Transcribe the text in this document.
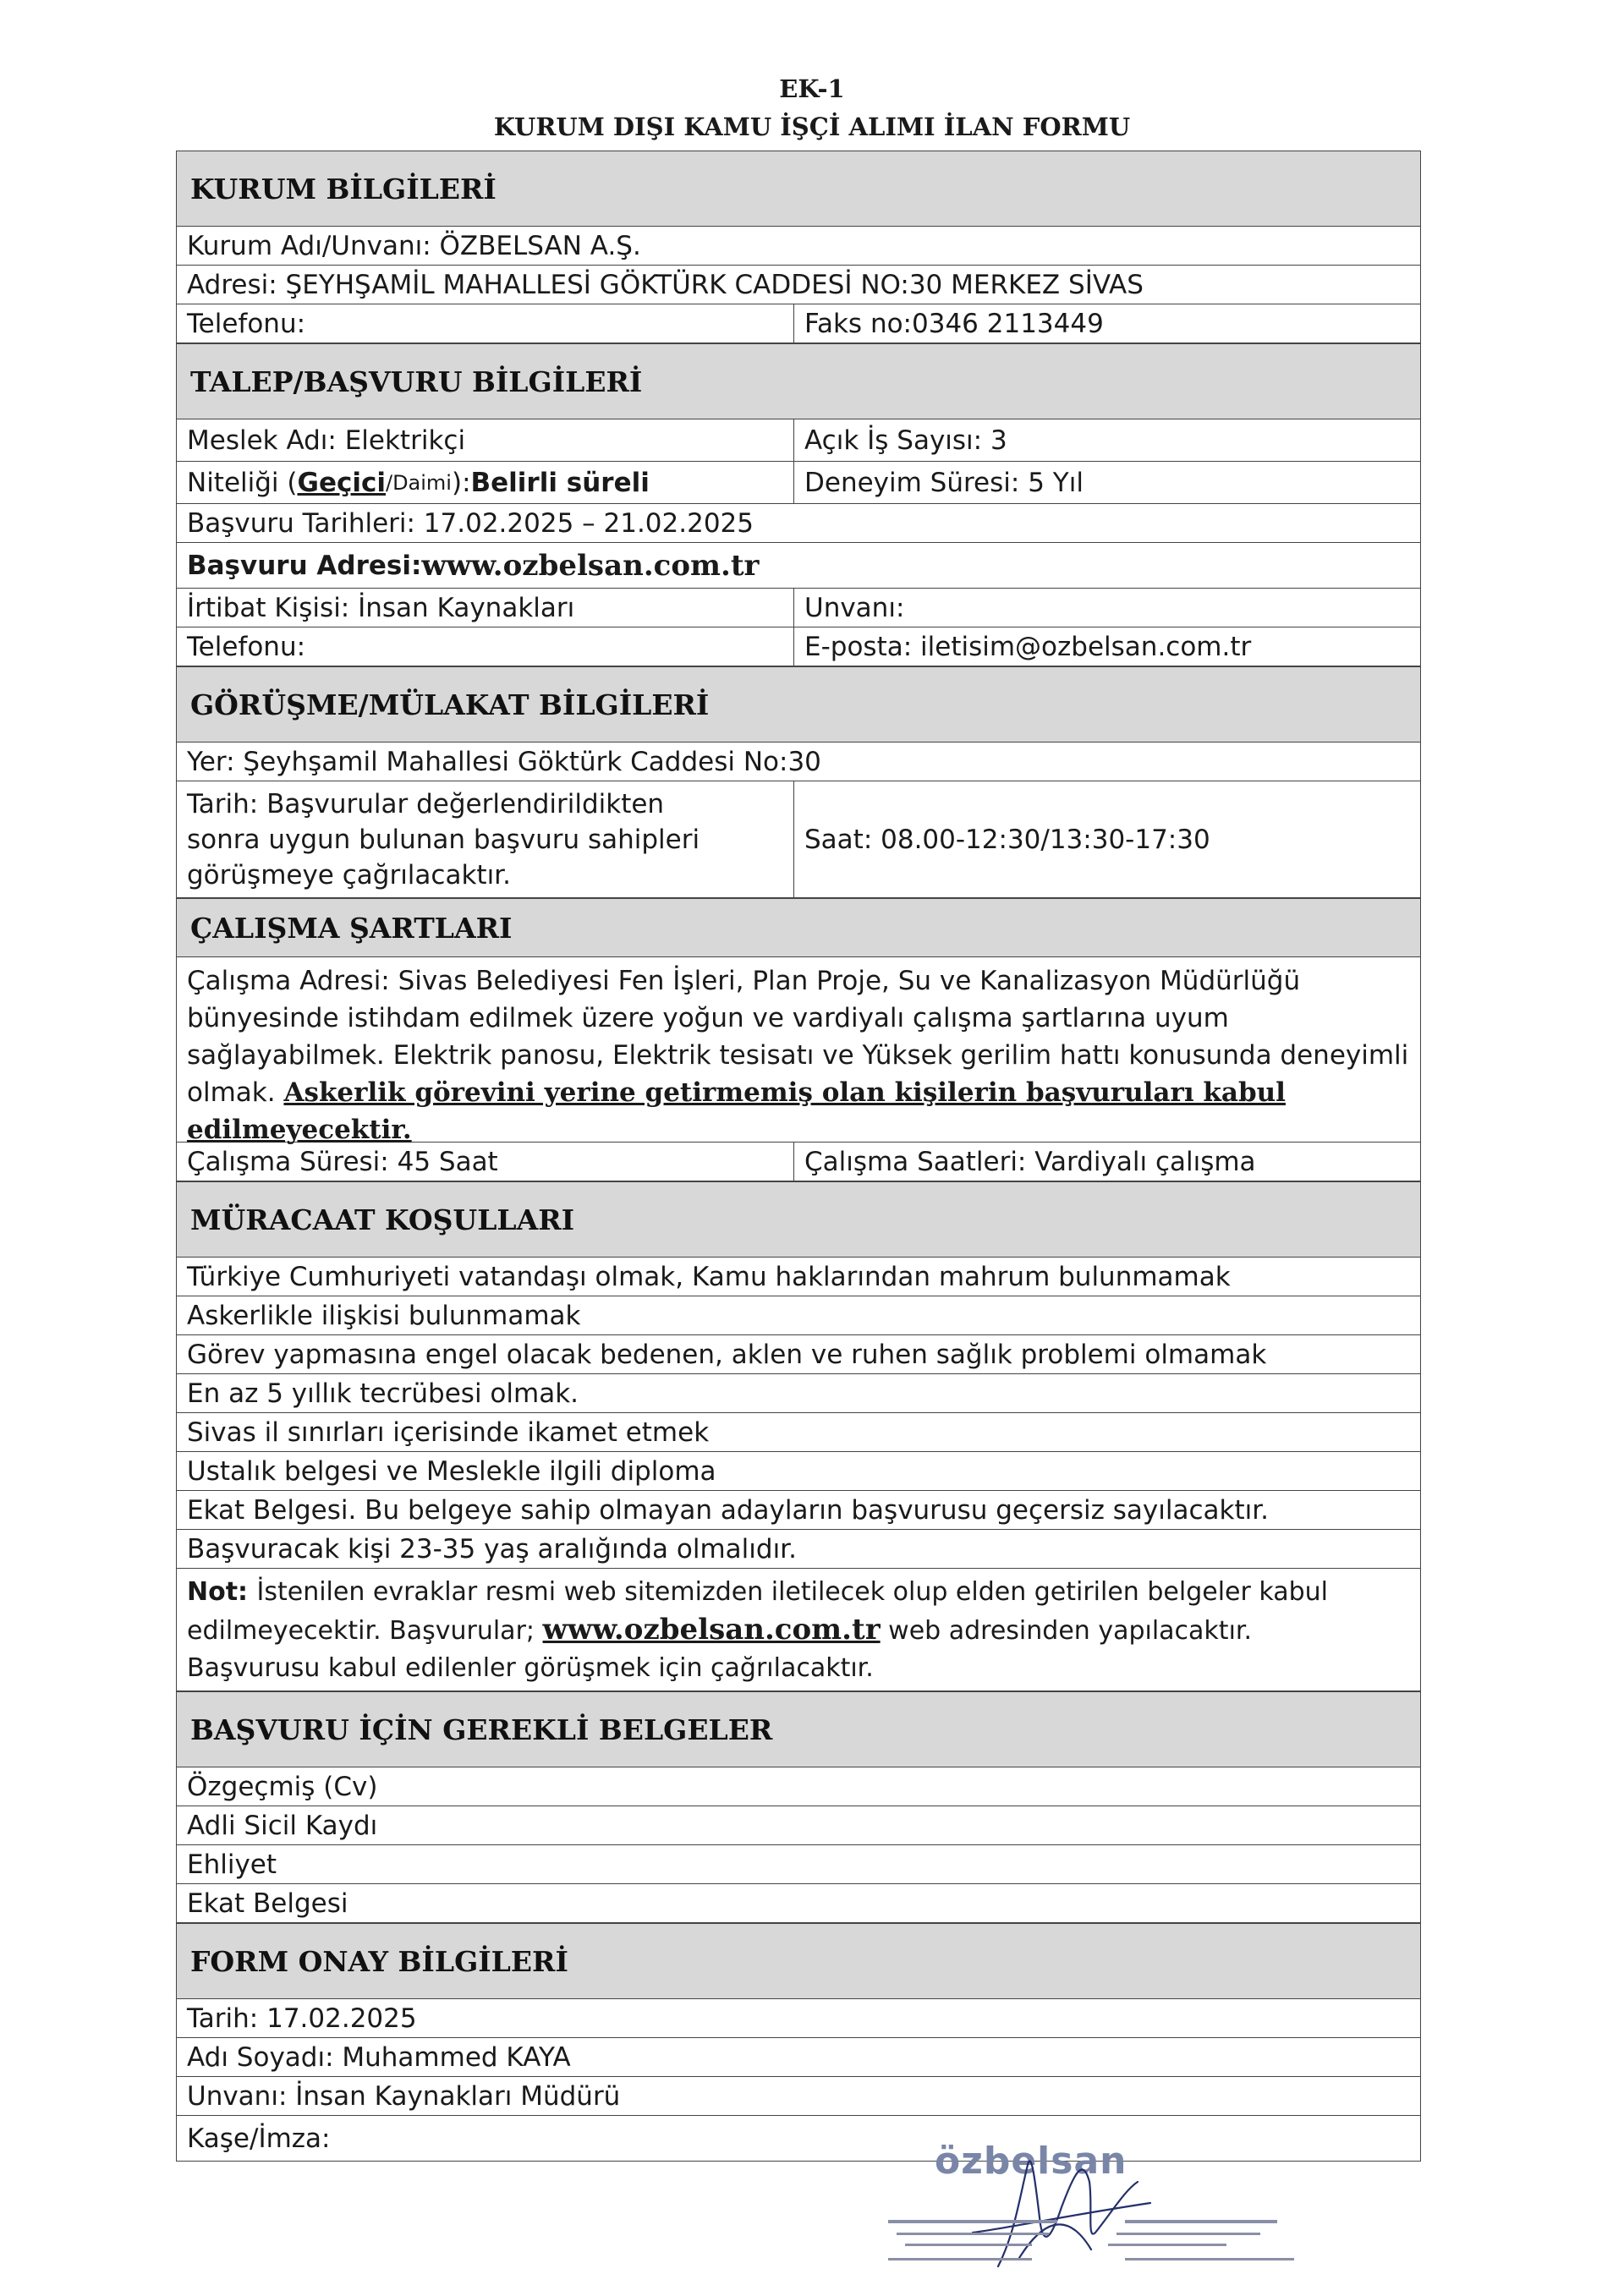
EK-1
KURUM DIŞI KAMU İŞÇİ ALIMI İLAN FORMU
KURUM BİLGİLERİ
Kurum Adı/Unvanı: ÖZBELSAN A.Ş.
Adresi: ŞEYHŞAMİL MAHALLESİ GÖKTÜRK CADDESİ NO:30 MERKEZ SİVAS
Telefonu:	Faks no:0346 2113449
TALEP/BAŞVURU BİLGİLERİ
Meslek Adı: Elektrikçi	Açık İş Sayısı: 3
Niteliği ( Geçici /Daimi ): Belirli süreli	Deneyim Süresi: 5 Yıl
Başvuru Tarihleri: 17.02.2025 – 21.02.2025
Başvuru Adresi: www.ozbelsan.com.tr
İrtibat Kişisi: İnsan Kaynakları	Unvanı:
Telefonu:	E-posta: iletisim@ozbelsan.com.tr
GÖRÜŞME/MÜLAKAT BİLGİLERİ
Yer: Şeyhşamil Mahallesi Göktürk Caddesi No:30
Tarih: Başvurular değerlendirildikten
sonra uygun bulunan başvuru sahipleri
görüşmeye çağrılacaktır.
Saat: 08.00-12:30/13:30-17:30
ÇALIŞMA ŞARTLARI
Çalışma Adresi: Sivas Belediyesi Fen İşleri, Plan Proje, Su ve Kanalizasyon Müdürlüğü bünyesinde istihdam edilmek üzere yoğun ve vardiyalı çalışma şartlarına uyum sağlayabilmek. Elektrik panosu, Elektrik tesisatı ve Yüksek gerilim hattı konusunda deneyimli olmak. Askerlik görevini yerine getirmemiş olan kişilerin başvuruları kabul edilmeyecektir.
Çalışma Süresi: 45 Saat	Çalışma Saatleri: Vardiyalı çalışma
MÜRACAAT KOŞULLARI
Türkiye Cumhuriyeti vatandaşı olmak, Kamu haklarından mahrum bulunmamak
Askerlikle ilişkisi bulunmamak
Görev yapmasına engel olacak bedenen, aklen ve ruhen sağlık problemi olmamak
En az 5 yıllık tecrübesi olmak.
Sivas il sınırları içerisinde ikamet etmek
Ustalık belgesi ve Meslekle ilgili diploma
Ekat Belgesi. Bu belgeye sahip olmayan adayların başvurusu geçersiz sayılacaktır.
Başvuracak kişi 23-35 yaş aralığında olmalıdır.
Not: İstenilen evraklar resmi web sitemizden iletilecek olup elden getirilen belgeler kabul edilmeyecektir. Başvurular; www.ozbelsan.com.tr web adresinden yapılacaktır.
Başvurusu kabul edilenler görüşmek için çağrılacaktır.
BAŞVURU İÇİN GEREKLİ BELGELER
Özgeçmiş (Cv)
Adli Sicil Kaydı
Ehliyet
Ekat Belgesi
FORM ONAY BİLGİLERİ
Tarih: 17.02.2025
Adı Soyadı: Muhammed KAYA
Unvanı: İnsan Kaynakları Müdürü
Kaşe/İmza:
özbelsan
